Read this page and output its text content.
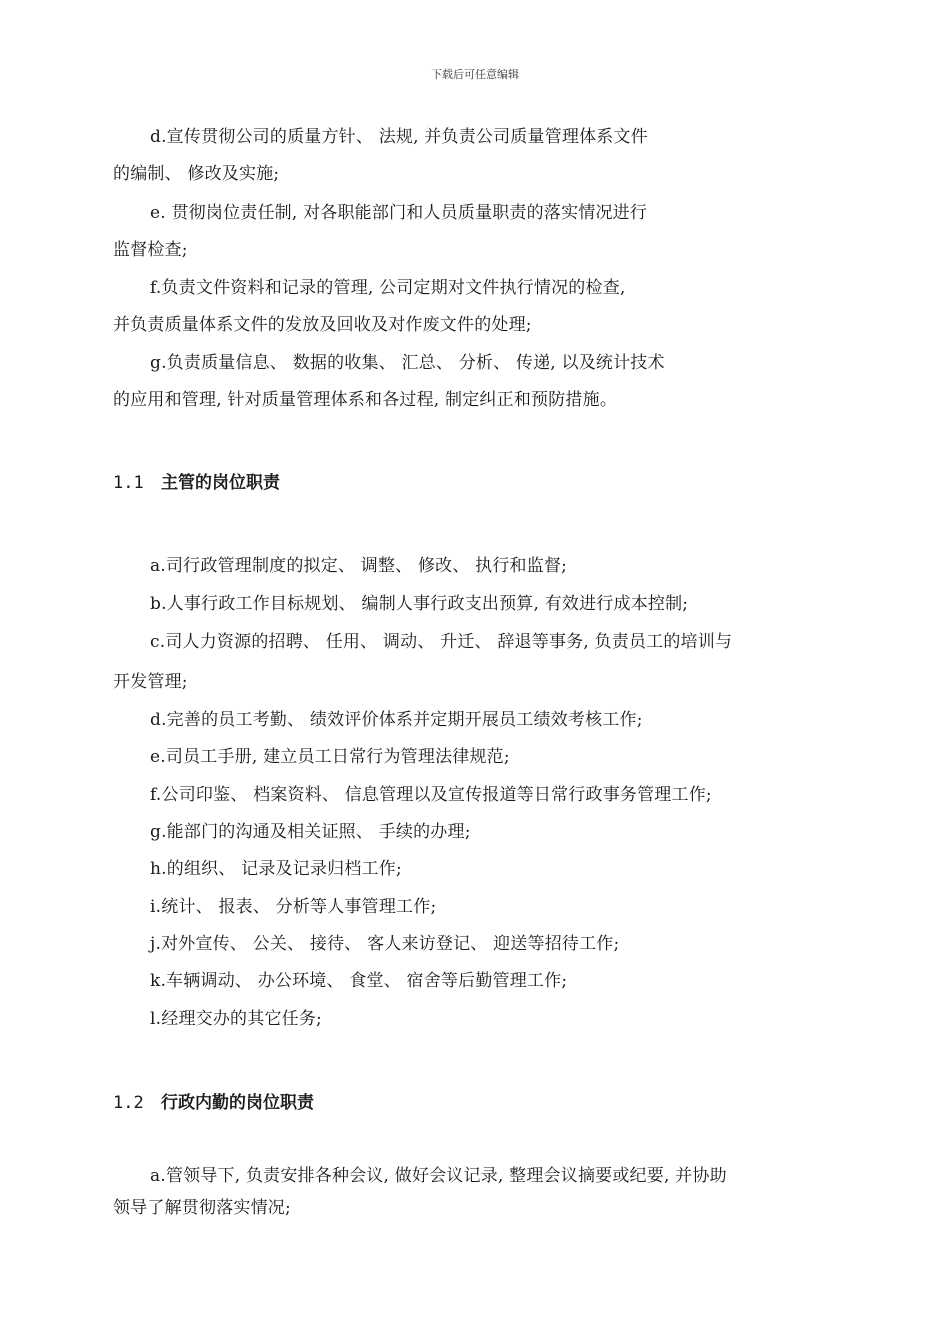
下载后可任意编辑
d.宣传贯彻公司的质量方针、 法规, 并负责公司质量管理体系文件
的编制、 修改及实施;
e. 贯彻岗位责任制, 对各职能部门和人员质量职责的落实情况进行
监督检查;
f.负责文件资料和记录的管理, 公司定期对文件执行情况的检查,
并负责质量体系文件的发放及回收及对作废文件的处理;
g.负责质量信息、 数据的收集、 汇总、 分析、 传递, 以及统计技术
的应用和管理, 针对质量管理体系和各过程, 制定纠正和预防措施。
1.1 主管的岗位职责
a.司行政管理制度的拟定、 调整、 修改、 执行和监督;
b.人事行政工作目标规划、 编制人事行政支出预算, 有效进行成本控制;
c.司人力资源的招聘、 任用、 调动、 升迁、 辞退等事务, 负责员工的培训与
开发管理;
d.完善的员工考勤、 绩效评价体系并定期开展员工绩效考核工作;
e.司员工手册, 建立员工日常行为管理法律规范;
f.公司印鉴、 档案资料、 信息管理以及宣传报道等日常行政事务管理工作;
g.能部门的沟通及相关证照、 手续的办理;
h.的组织、 记录及记录归档工作;
i.统计、 报表、 分析等人事管理工作;
j.对外宣传、 公关、 接待、 客人来访登记、 迎送等招待工作;
k.车辆调动、 办公环境、 食堂、 宿舍等后勤管理工作;
l.经理交办的其它任务;
1.2 行政内勤的岗位职责
a.管领导下, 负责安排各种会议, 做好会议记录, 整理会议摘要或纪要, 并协助
领导了解贯彻落实情况;
